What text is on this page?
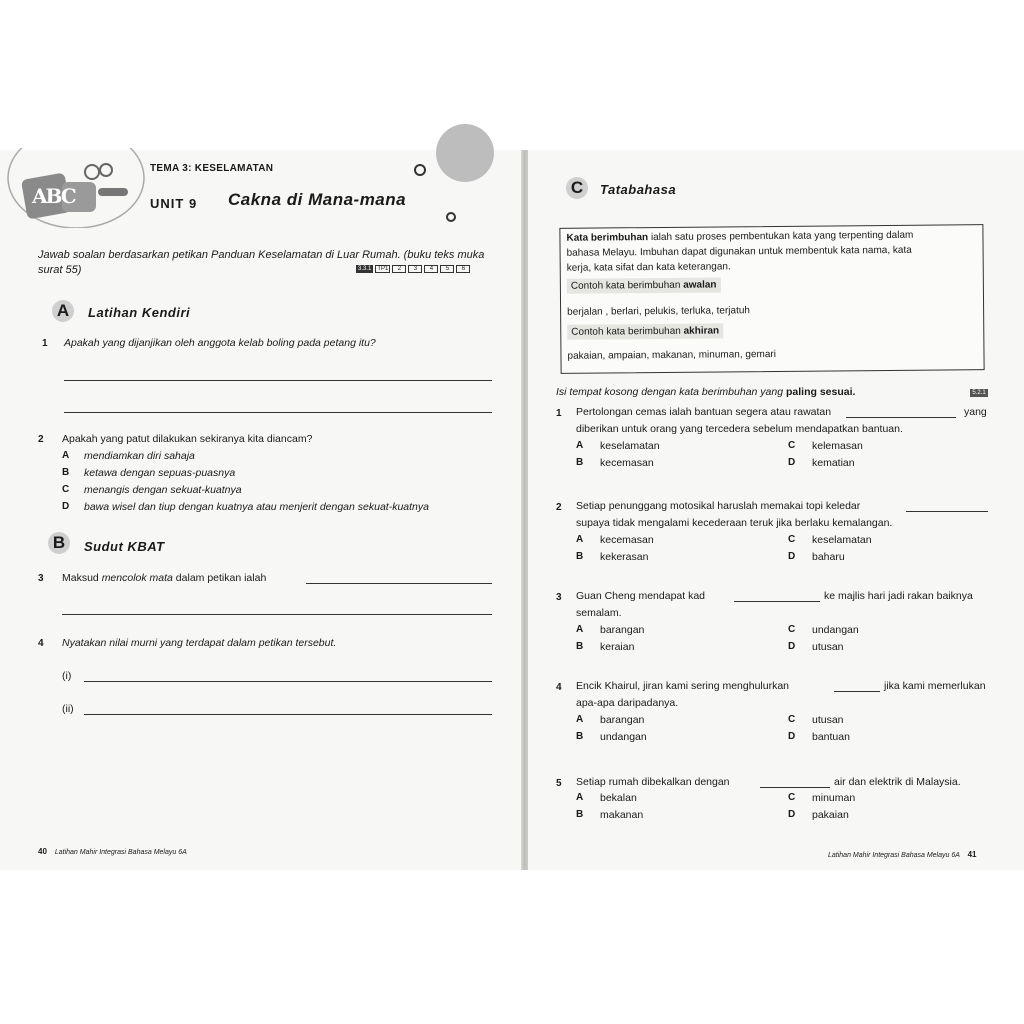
ABC
TEMA 3: KESELAMATAN
UNIT 9 Cakna di Mana-mana
Jawab soalan berdasarkan petikan Panduan Keselamatan di Luar Rumah. (buku teks muka surat 55)	3.3.1	TP1	2	3	4	5	6
A	Latihan Kendiri
1 Apakah yang dijanjikan oleh anggota kelab boling pada petang itu?
2 Apakah yang patut dilakukan sekiranya kita diancam?
A mendiamkan diri sahaja
B ketawa dengan sepuas-puasnya
C menangis dengan sekuat-kuatnya
D bawa wisel dan tiup dengan kuatnya atau menjerit dengan sekuat-kuatnya
B	Sudut KBAT
3 Maksud mencolok mata dalam petikan ialah
4 Nyatakan nilai murni yang terdapat dalam petikan tersebut.
(i)
(ii)
40 Latihan Mahir Integrasi Bahasa Melayu 6A
C	Tatabahasa
Kata berimbuhan ialah satu proses pembentukan kata yang terpenting dalam
bahasa Melayu. Imbuhan dapat digunakan untuk membentuk kata nama, kata
kerja, kata sifat dan kata keterangan.
Contoh kata berimbuhan awalan
berjalan , berlari, pelukis, terluka, terjatuh
Contoh kata berimbuhan akhiran
pakaian, ampaian, makanan, minuman, gemari
Isi tempat kosong dengan kata berimbuhan yang paling sesuai.	5.2.1
1 Pertolongan cemas ialah bantuan segera atau rawatan	yang
diberikan untuk orang yang tercedera sebelum mendapatkan bantuan.
A keselamatan	C kelemasan
B kecemasan	D kematian
2 Setiap penunggang motosikal haruslah memakai topi keledar
supaya tidak mengalami kecederaan teruk jika berlaku kemalangan.
A kecemasan	C keselamatan
B kekerasan	D baharu
3 Guan Cheng mendapat kad	ke majlis hari jadi rakan baiknya
semalam.
A barangan	C undangan
B keraian	D utusan
4 Encik Khairul, jiran kami sering menghulurkan	jika kami memerlukan
apa-apa daripadanya.
A barangan	C utusan
B undangan	D bantuan
5 Setiap rumah dibekalkan dengan	air dan elektrik di Malaysia.
A bekalan	C minuman
B makanan	D pakaian
Latihan Mahir Integrasi Bahasa Melayu 6A 41
